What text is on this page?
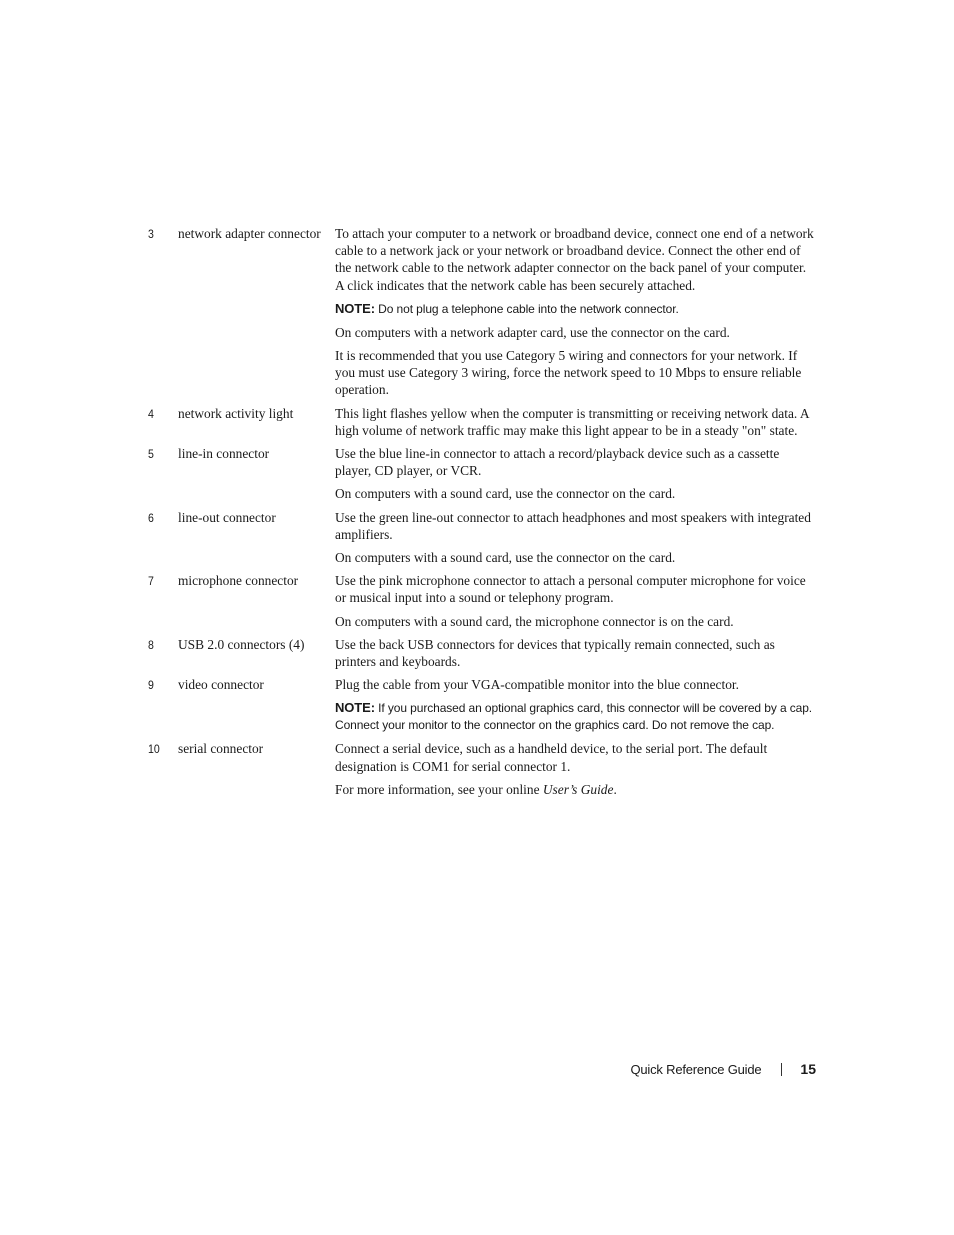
3	network adapter connector	To attach your computer to a network or broadband device, connect one end of a network cable to a network jack or your network or broadband device. Connect the other end of the network cable to the network adapter connector on the back panel of your computer. A click indicates that the network cable has been securely attached.

NOTE: Do not plug a telephone cable into the network connector.

On computers with a network adapter card, use the connector on the card.

It is recommended that you use Category 5 wiring and connectors for your network. If you must use Category 3 wiring, force the network speed to 10 Mbps to ensure reliable operation.

4	network activity light	This light flashes yellow when the computer is transmitting or receiving network data. A high volume of network traffic may make this light appear to be in a steady "on" state.

5	line-in connector	Use the blue line-in connector to attach a record/playback device such as a cassette player, CD player, or VCR.

On computers with a sound card, use the connector on the card.

6	line-out connector	Use the green line-out connector to attach headphones and most speakers with integrated amplifiers.

On computers with a sound card, use the connector on the card.

7	microphone connector	Use the pink microphone connector to attach a personal computer microphone for voice or musical input into a sound or telephony program.

On computers with a sound card, the microphone connector is on the card.

8	USB 2.0 connectors (4)	Use the back USB connectors for devices that typically remain connected, such as printers and keyboards.

9	video connector	Plug the cable from your VGA-compatible monitor into the blue connector.

NOTE: If you purchased an optional graphics card, this connector will be covered by a cap. Connect your monitor to the connector on the graphics card. Do not remove the cap.

10	serial connector	Connect a serial device, such as a handheld device, to the serial port. The default designation is COM1 for serial connector 1.

For more information, see your online User’s Guide.

Quick Reference Guide	15
